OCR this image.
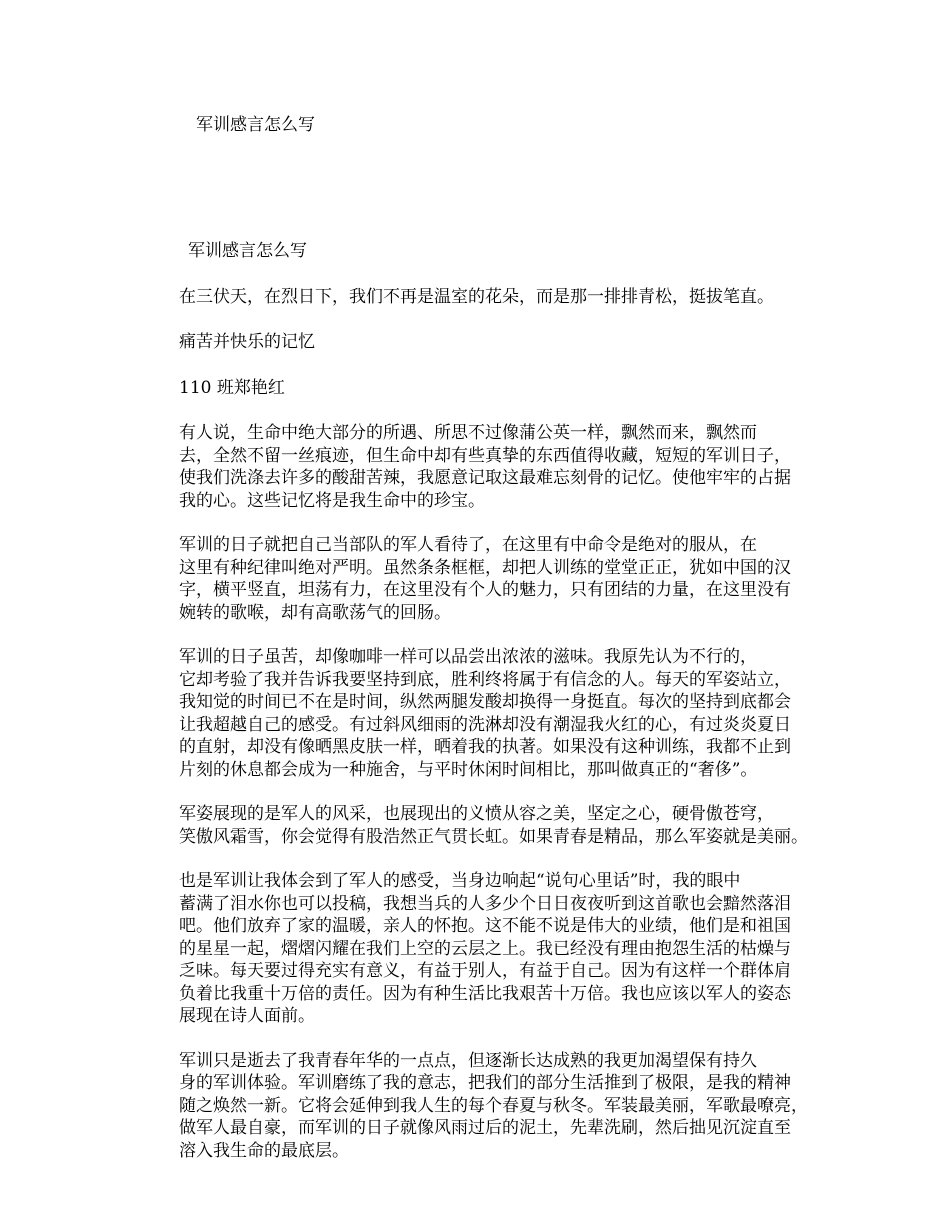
军训感言怎么写
军训感言怎么写
在三伏天，在烈日下，我们不再是温室的花朵，而是那一排排青松，挺拔笔直。
痛苦并快乐的记忆
110 班郑艳红
有人说，生命中绝大部分的所遇、所思不过像蒲公英一样，飘然而来，飘然而
去，全然不留一丝痕迹，但生命中却有些真挚的东西值得收藏，短短的军训日子，
使我们洗涤去许多的酸甜苦辣，我愿意记取这最难忘刻骨的记忆。使他牢牢的占据
我的心。这些记忆将是我生命中的珍宝。
军训的日子就把自己当部队的军人看待了，在这里有中命令是绝对的服从，在
这里有种纪律叫绝对严明。虽然条条框框，却把人训练的堂堂正正，犹如中国的汉
字，横平竖直，坦荡有力，在这里没有个人的魅力，只有团结的力量，在这里没有
婉转的歌喉，却有高歌荡气的回肠。
军训的日子虽苦，却像咖啡一样可以品尝出浓浓的滋味。我原先认为不行的，
它却考验了我并告诉我要坚持到底，胜利终将属于有信念的人。每天的军姿站立，
我知觉的时间已不在是时间，纵然两腿发酸却换得一身挺直。每次的坚持到底都会
让我超越自己的感受。有过斜风细雨的洗淋却没有潮湿我火红的心，有过炎炎夏日
的直射，却没有像晒黑皮肤一样，晒着我的执著。如果没有这种训练，我都不止到
片刻的休息都会成为一种施舍，与平时休闲时间相比，那叫做真正的“奢侈”。
军姿展现的是军人的风采，也展现出的义愤从容之美，坚定之心，硬骨傲苍穹，
笑傲风霜雪，你会觉得有股浩然正气贯长虹。如果青春是精品，那么军姿就是美丽。
也是军训让我体会到了军人的感受，当身边响起“说句心里话”时，我的眼中
蓄满了泪水你也可以投稿，我想当兵的人多少个日日夜夜听到这首歌也会黯然落泪
吧。他们放弃了家的温暖，亲人的怀抱。这不能不说是伟大的业绩，他们是和祖国
的星星一起，熠熠闪耀在我们上空的云层之上。我已经没有理由抱怨生活的枯燥与
乏味。每天要过得充实有意义，有益于别人，有益于自己。因为有这样一个群体肩
负着比我重十万倍的责任。因为有种生活比我艰苦十万倍。我也应该以军人的姿态
展现在诗人面前。
军训只是逝去了我青春年华的一点点，但逐渐长达成熟的我更加渴望保有持久
身的军训体验。军训磨练了我的意志，把我们的部分生活推到了极限，是我的精神
随之焕然一新。它将会延伸到我人生的每个春夏与秋冬。军装最美丽，军歌最嘹亮，
做军人最自豪，而军训的日子就像风雨过后的泥土，先辈洗刷，然后拙见沉淀直至
溶入我生命的最底层。
